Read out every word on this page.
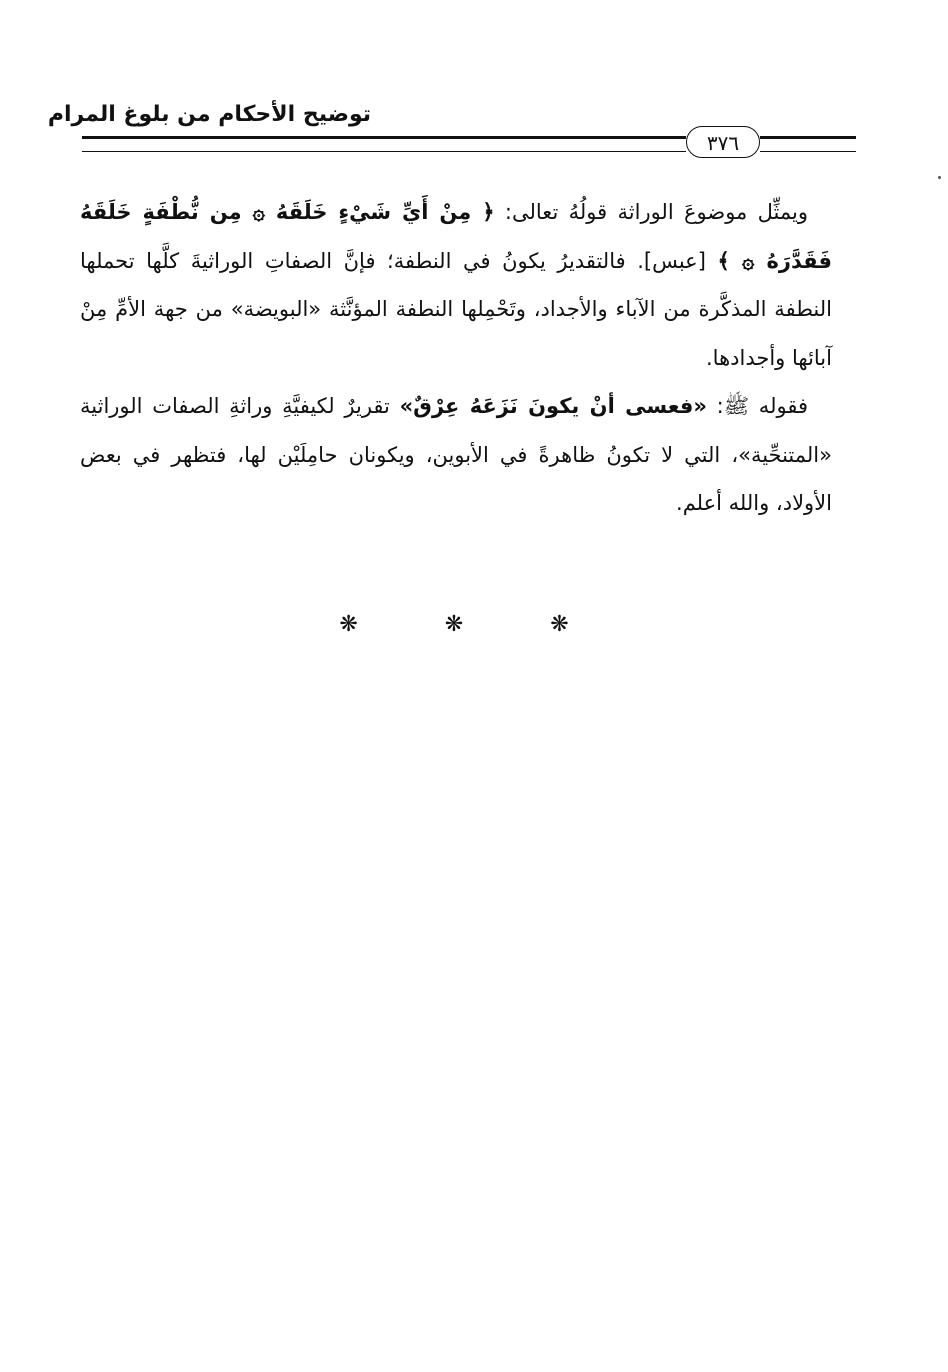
توضيح الأحكام من بلوغ المرام
٣٧٦

ويمثِّل موضوعَ الوراثة قولُهُ تعالى: ﴿ مِنْ أَيِّ شَيْءٍ خَلَقَهُ ۞ مِن نُّطْفَةٍ خَلَقَهُ فَقَدَّرَهُ ۞ ﴾ [عبس]. فالتقديرُ يكونُ في النطفة؛ فإنَّ الصفاتِ الوراثيةَ كلَّها تحملها النطفة المذكَّرة من الآباء والأجداد، وتَحْمِلها النطفة المؤنَّثة «البويضة» من جهة الأمِّ مِنْ آبائها وأجدادها.

فقوله ﷺ: «فعسى أنْ يكونَ نَزَعَهُ عِرْقٌ» تقريرٌ لكيفيَّةِ وراثةِ الصفات الوراثية «المتنحِّية»، التي لا تكونُ ظاهرةً في الأبوين، ويكونان حامِلَيْن لها، فتظهر في بعض الأولاد، والله أعلم.

❋ ❋ ❋
